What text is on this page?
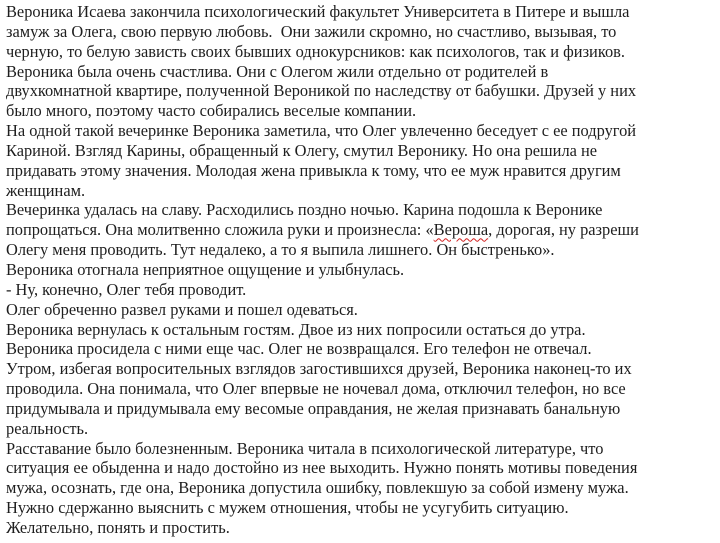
Вероника Исаева закончила психологический факультет Университета в Питере и вышла
замуж за Олега, свою первую любовь.  Они зажили скромно, но счастливо, вызывая, то
черную, то белую зависть своих бывших однокурсников: как психологов, так и физиков.
Вероника была очень счастлива. Они с Олегом жили отдельно от родителей в
двухкомнатной квартире, полученной Вероникой по наследству от бабушки. Друзей у них
было много, поэтому часто собирались веселые компании.
На одной такой вечеринке Вероника заметила, что Олег увлеченно беседует с ее подругой
Кариной. Взгляд Карины, обращенный к Олегу, смутил Веронику. Но она решила не
придавать этому значения. Молодая жена привыкла к тому, что ее муж нравится другим
женщинам.
Вечеринка удалась на славу. Расходились поздно ночью. Карина подошла к Веронике
попрощаться. Она молитвенно сложила руки и произнесла: «Верошa, дорогая, ну разреши
Олегу меня проводить. Тут недалеко, а то я выпила лишнего. Он быстренько».
Вероника отогнала неприятное ощущение и улыбнулась.
- Ну, конечно, Олег тебя проводит.
Олег обреченно развел руками и пошел одеваться.
Вероника вернулась к остальным гостям. Двое из них попросили остаться до утра.
Вероника просидела с ними еще час. Олег не возвращался. Его телефон не отвечал.
Утром, избегая вопросительных взглядов загостившихся друзей, Вероника наконец-то их
проводила. Она понимала, что Олег впервые не ночевал дома, отключил телефон, но все
придумывала и придумывала ему весомые оправдания, не желая признавать банальную
реальность.
Расставание было болезненным. Вероника читала в психологической литературе, что
ситуация ее обыденна и надо достойно из нее выходить. Нужно понять мотивы поведения
мужа, осознать, где она, Вероника допустила ошибку, повлекшую за собой измену мужа.
Нужно сдержанно выяснить с мужем отношения, чтобы не усугубить ситуацию.
Желательно, понять и простить.
